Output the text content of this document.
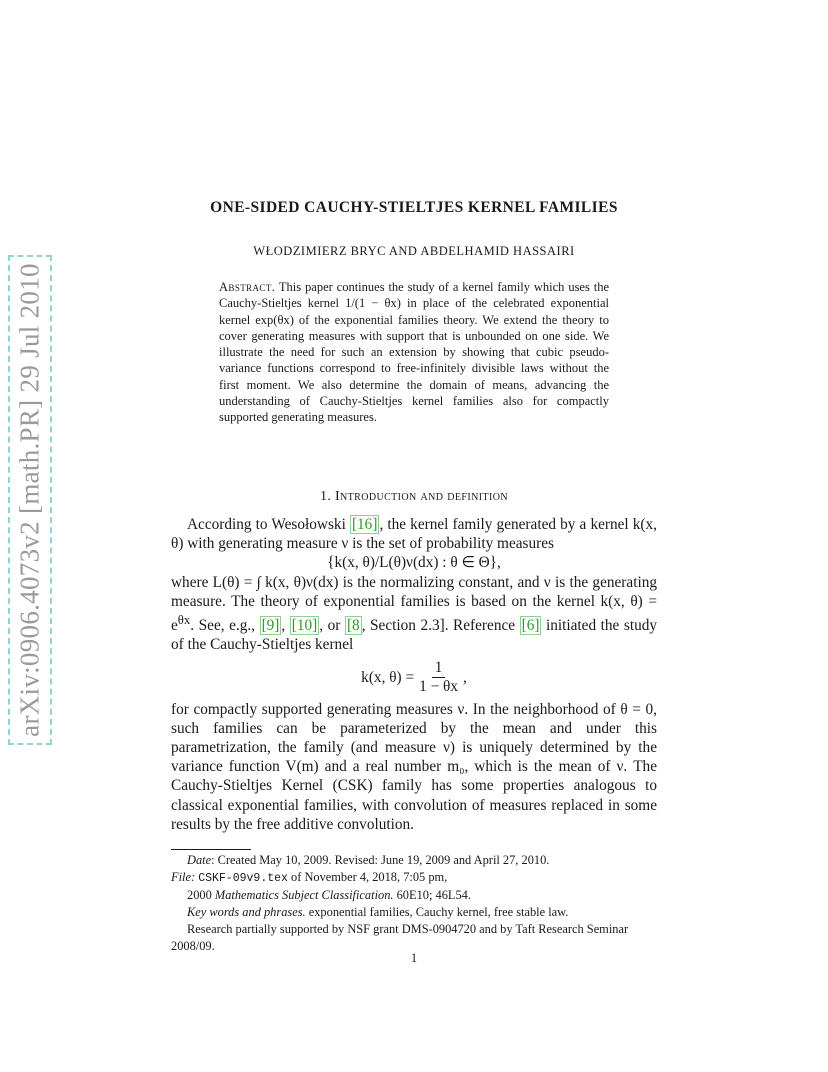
arXiv:0906.4073v2 [math.PR] 29 Jul 2010
ONE-SIDED CAUCHY-STIELTJES KERNEL FAMILIES
WŁODZIMIERZ BRYC AND ABDELHAMID HASSAIRI
Abstract. This paper continues the study of a kernel family which uses the Cauchy-Stieltjes kernel 1/(1 − θx) in place of the celebrated exponential kernel exp(θx) of the exponential families theory. We extend the theory to cover generating measures with support that is unbounded on one side. We illustrate the need for such an extension by showing that cubic pseudo-variance functions correspond to free-infinitely divisible laws without the first moment. We also determine the domain of means, advancing the understanding of Cauchy-Stieltjes kernel families also for compactly supported generating measures.
1. Introduction and definition

According to Wesołowski [16] , the kernel family generated by a kernel k(x, θ) with generating measure ν is the set of probability measures

{k(x, θ)/L(θ)ν(dx) : θ ∈ Θ},

where L(θ) = ∫ k(x, θ)ν(dx) is the normalizing constant, and ν is the generating measure. The theory of exponential families is based on the kernel k(x, $\theta) = e^{\theta x}$. See, e.g., [9] , [10] , or [8 , Section 2.3]. Reference [6] initiated the study of the Cauchy-Stieltjes kernel

k(x, $\theta) = \frac{1}{1 - \theta x}$ ,

for compactly supported generating measures ν. In the neighborhood of θ = 0, such families can be parameterized by the mean and under this parametrization, the family (and measure ν) is uniquely determined by the variance function V(m) and a real number m₀, which is the mean of ν. The Cauchy-Stieltjes Kernel (CSK) family has some properties analogous to classical exponential families, with convolution of measures replaced in some results by the free additive convolution.

Date: Created May 10, 2009. Revised: June 19, 2009 and April 27, 2010.

File: CSKF-09v9.tex of November 4, 2018, 7:05 pm,

2000 Mathematics Subject Classification. 60E10; 46L54.

Key words and phrases. exponential families, Cauchy kernel, free stable law.

Research partially supported by NSF grant DMS-0904720 and by Taft Research Seminar 2008/09.

1
